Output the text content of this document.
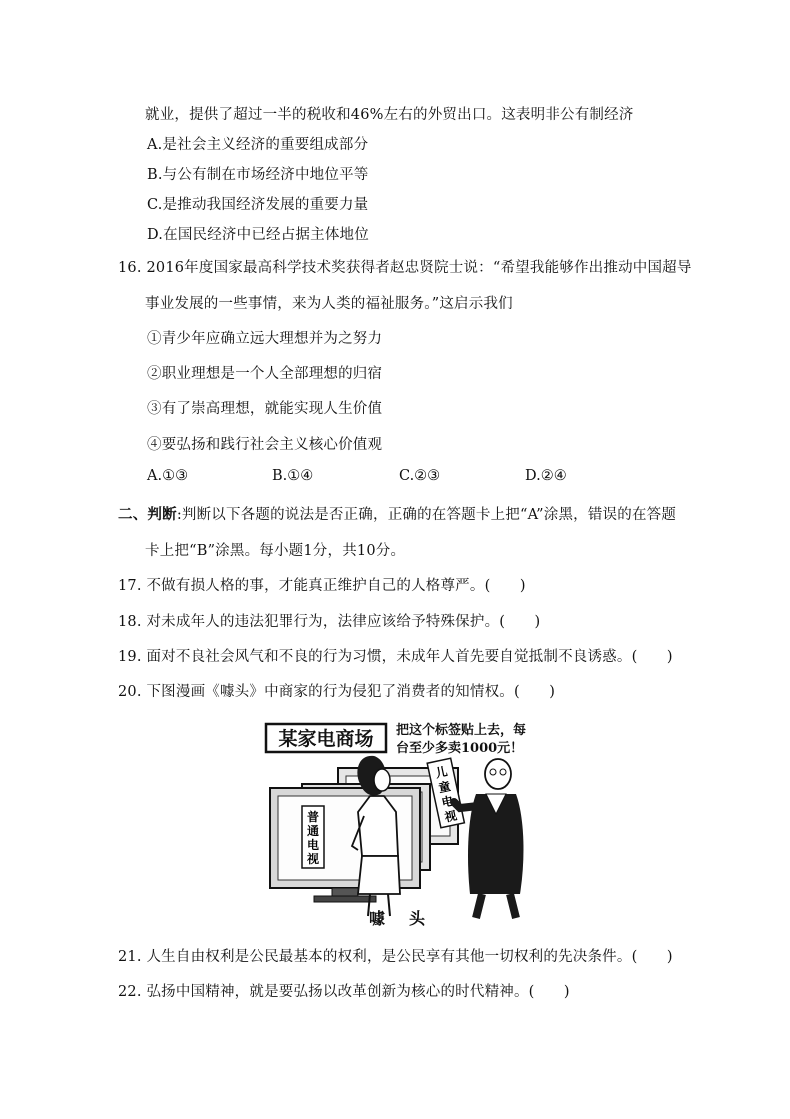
就业，提供了超过一半的税收和46%左右的外贸出口。这表明非公有制经济
A.是社会主义经济的重要组成部分
B.与公有制在市场经济中地位平等
C.是推动我国经济发展的重要力量
D.在国民经济中已经占据主体地位
16. 2016年度国家最高科学技术奖获得者赵忠贤院士说：“希望我能够作出推动中国超导
事业发展的一些事情，来为人类的福祉服务。”这启示我们
①青少年应确立远大理想并为之努力
②职业理想是一个人全部理想的归宿
③有了崇高理想，就能实现人生价值
④要弘扬和践行社会主义核心价值观
A.①③	B.①④	C.②③	D.②④
二、判断:判断以下各题的说法是否正确，正确的在答题卡上把“A”涂黑，错误的在答题
卡上把“B”涂黑。每小题1分，共10分。
17. 不做有损人格的事，才能真正维护自己的人格尊严。(　　)
18. 对未成年人的违法犯罪行为，法律应该给予特殊保护。(　　)
19. 面对不良社会风气和不良的行为习惯，未成年人首先要自觉抵制不良诱惑。(　　)
20. 下图漫画《噱头》中商家的行为侵犯了消费者的知情权。(　　)
某家电商场 把这个标签贴上去，每
台至少多卖1000元！
普
通
电
视
儿
童
电
视
噱　头
21. 人生自由权利是公民最基本的权利，是公民享有其他一切权利的先决条件。(　　)
22. 弘扬中国精神，就是要弘扬以改革创新为核心的时代精神。(　　)
